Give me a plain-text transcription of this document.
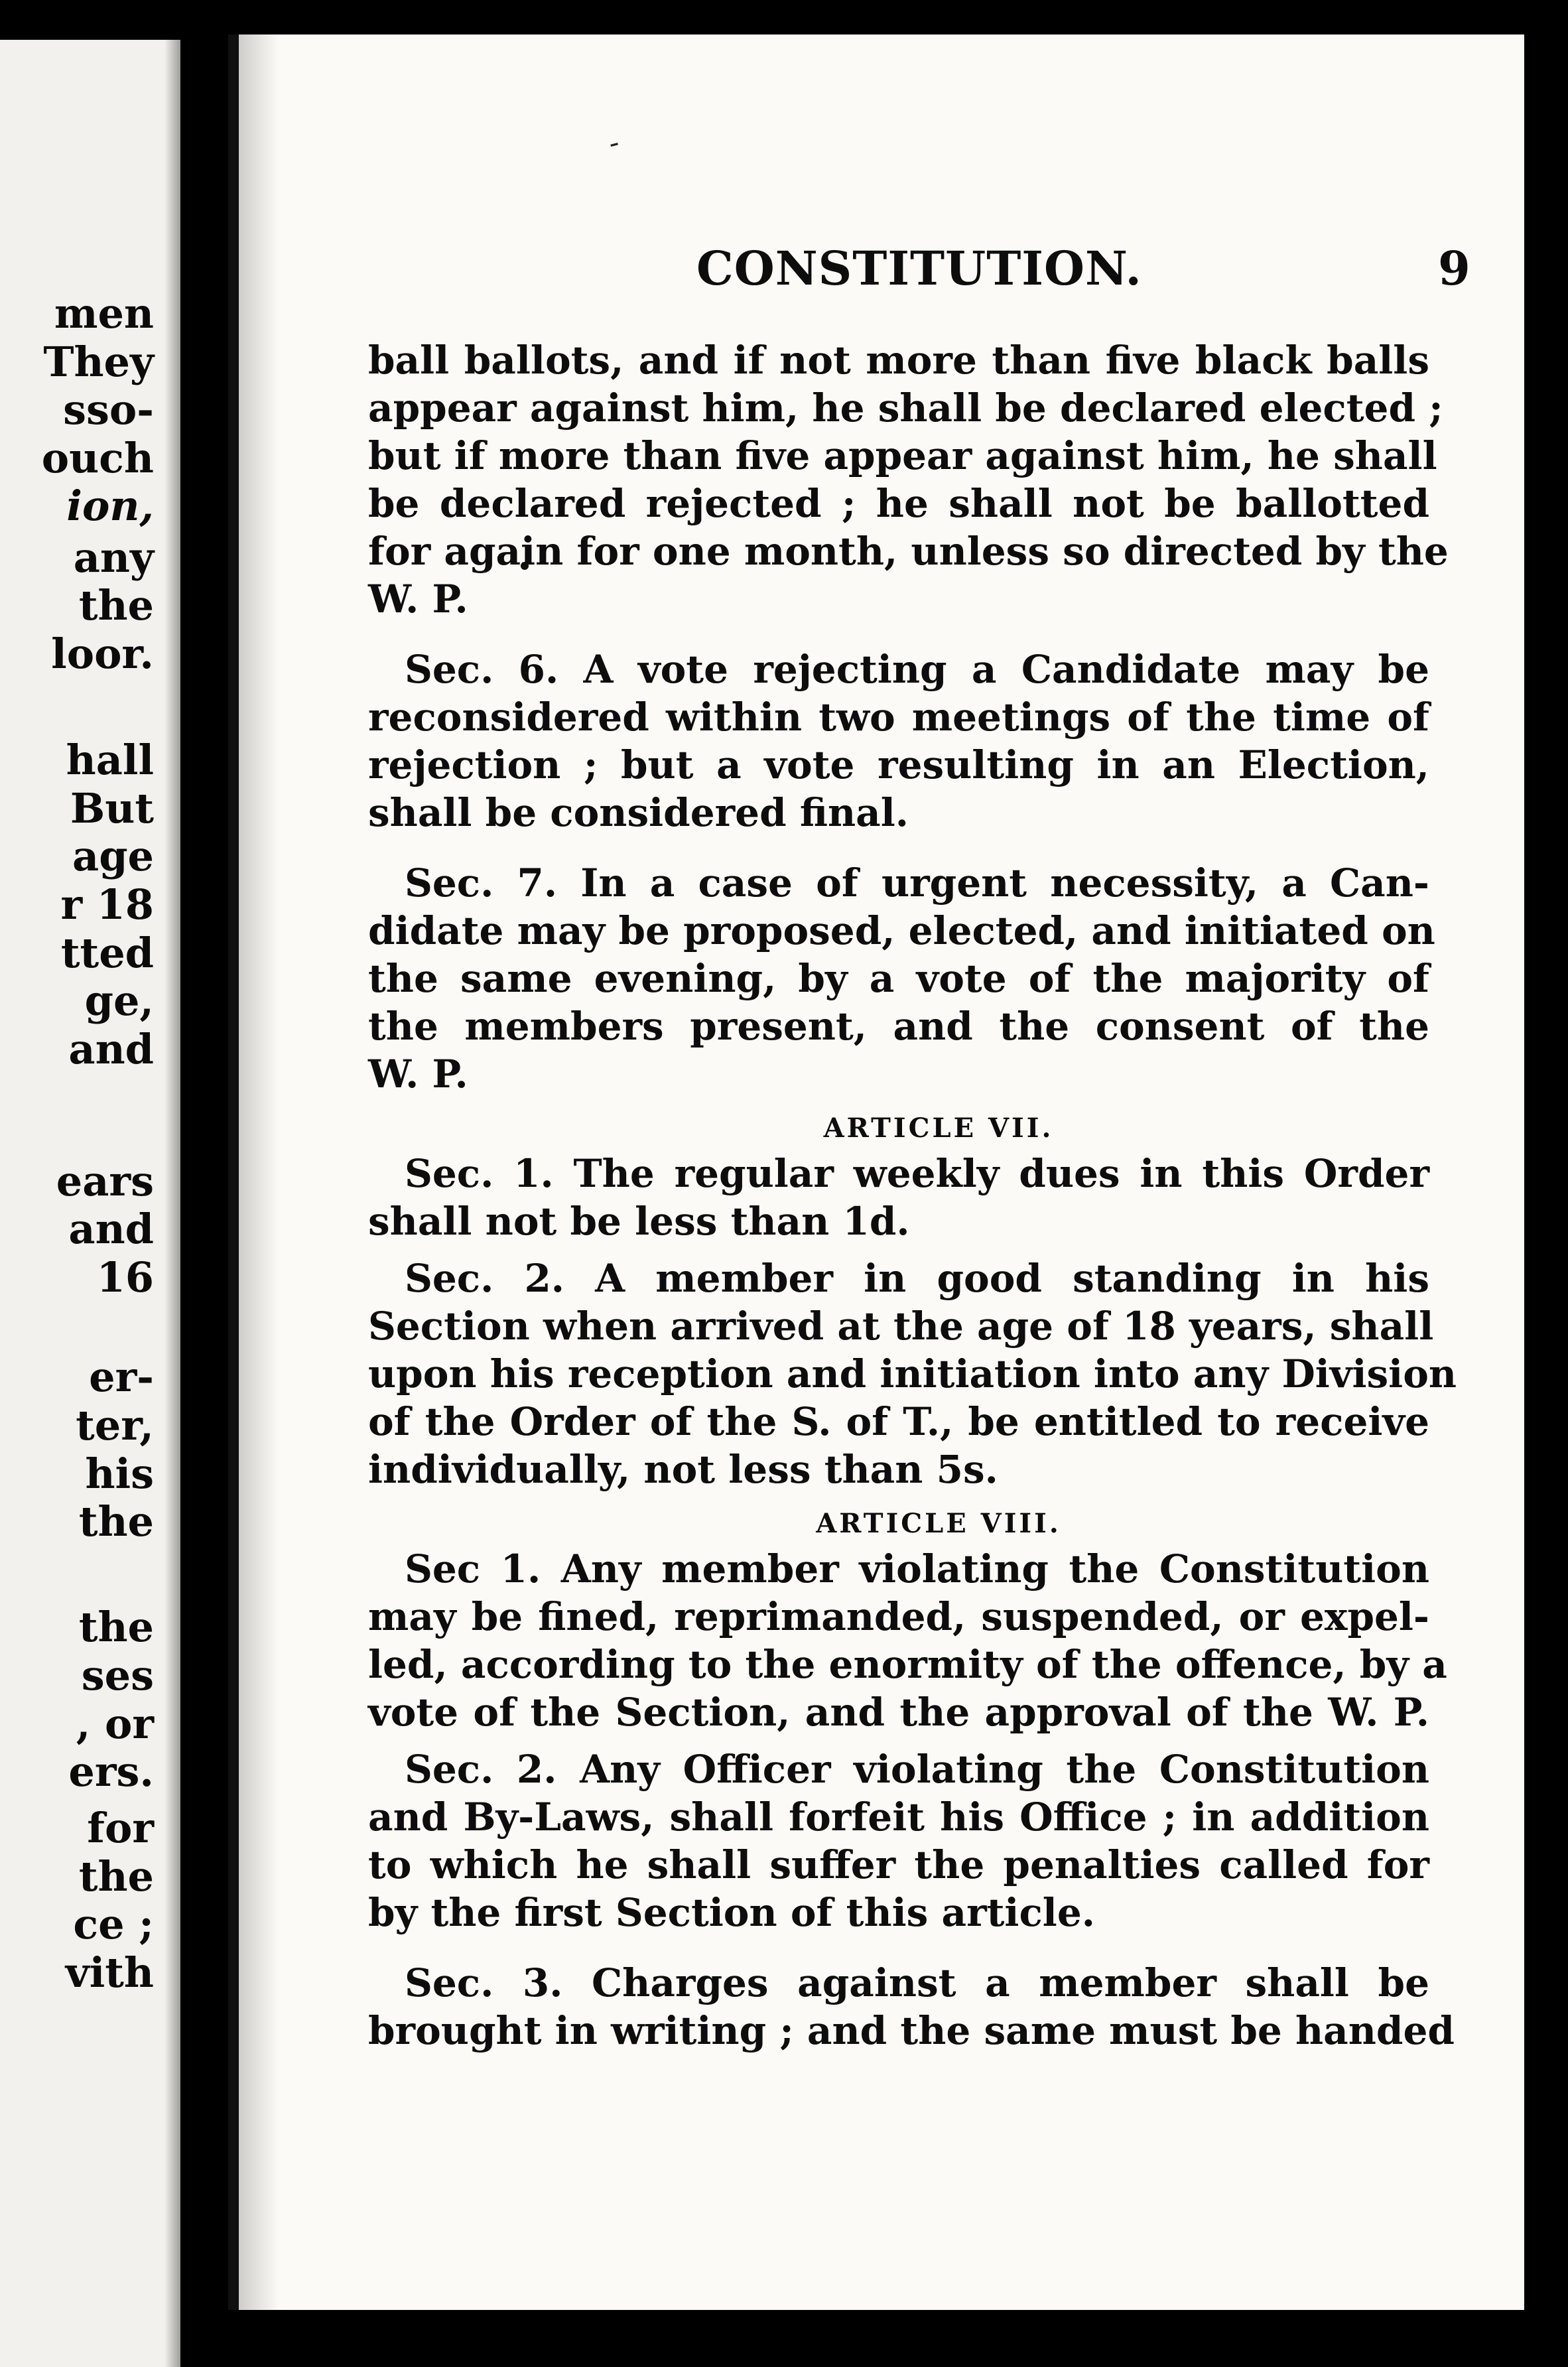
men
They
sso-
ouch
ion,
any
the
loor.
hall
But
age
r 18
tted
ge,
and
ears
and
16
er-
ter,
his
the
the
ses
, or
ers.
for
the
ce ;
vith
-
CONSTITUTION.	9
ball ballots, and if not more than five black balls
appear against him, he shall be declared elected ;
but if more than five appear against him, he shall
be declared rejected ; he shall not be ballotted
for again for one month, unless so directed by the
W. P.
Sec. 6. A vote rejecting a Candidate may be
reconsidered within two meetings of the time of
rejection ; but a vote resulting in an Election,
shall be considered final.
Sec. 7. In a case of urgent necessity, a Can-
didate may be proposed, elected, and initiated on
the same evening, by a vote of the majority of
the members present, and the consent of the
W. P.
ARTICLE VII.
Sec. 1. The regular weekly dues in this Order
shall not be less than 1d.
Sec. 2. A member in good standing in his
Section when arrived at the age of 18 years, shall
upon his reception and initiation into any Division
of the Order of the S. of T., be entitled to receive
individually, not less than 5s.
ARTICLE VIII.
Sec 1. Any member violating the Constitution
may be fined, reprimanded, suspended, or expel-
led, according to the enormity of the offence, by a
vote of the Section, and the approval of the W. P.
Sec. 2. Any Officer violating the Constitution
and By-Laws, shall forfeit his Office ; in addition
to which he shall suffer the penalties called for
by the first Section of this article.
Sec. 3. Charges against a member shall be
brought in writing ; and the same must be handed
